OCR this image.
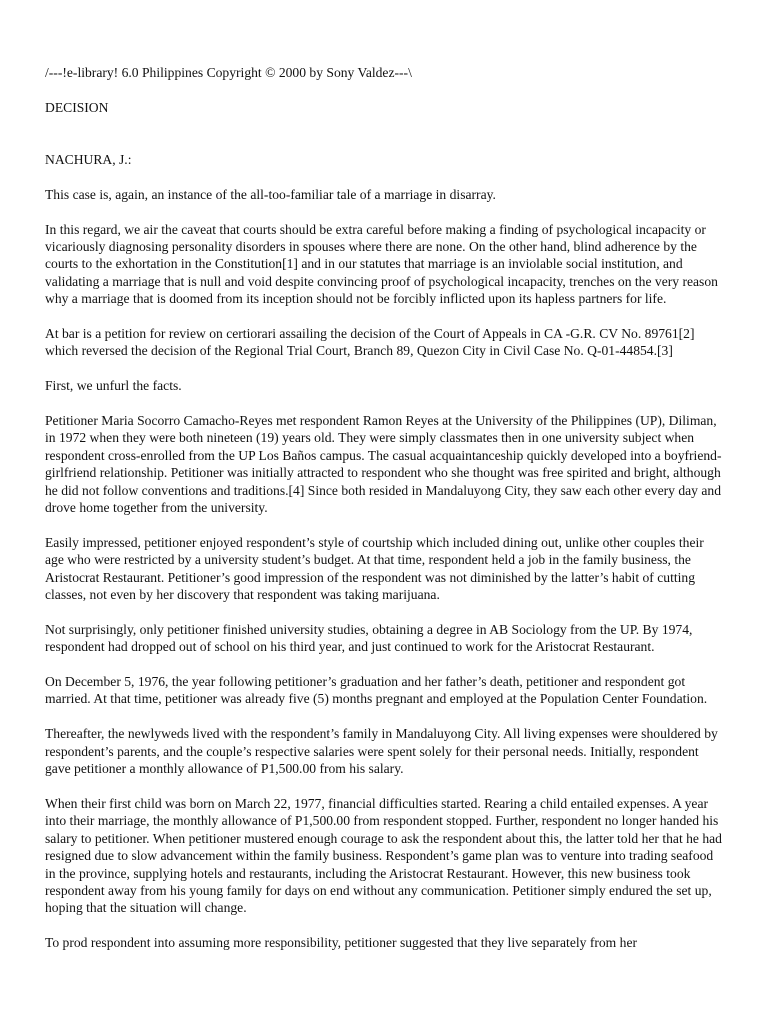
/---!e-library! 6.0 Philippines Copyright © 2000 by Sony Valdez---\
DECISION
NACHURA, J.:

This case is, again, an instance of the all-too-familiar tale of a marriage in disarray.

In this regard, we air the caveat that courts should be extra careful before making a finding of psychological incapacity or vicariously diagnosing personality disorders in spouses where there are none. On the other hand, blind adherence by the courts to the exhortation in the Constitution[1] and in our statutes that marriage is an inviolable social institution, and validating a marriage that is null and void despite convincing proof of psychological incapacity, trenches on the very reason why a marriage that is doomed from its inception should not be forcibly inflicted upon its hapless partners for life.

At bar is a petition for review on certiorari assailing the decision of the Court of Appeals in CA -G.R. CV No. 89761[2] which reversed the decision of the Regional Trial Court, Branch 89, Quezon City in Civil Case No. Q-01-44854.[3]

First, we unfurl the facts.

Petitioner Maria Socorro Camacho-Reyes met respondent Ramon Reyes at the University of the Philippines (UP), Diliman, in 1972 when they were both nineteen (19) years old. They were simply classmates then in one university subject when respondent cross-enrolled from the UP Los Baños campus. The casual acquaintanceship quickly developed into a boyfriend-girlfriend relationship. Petitioner was initially attracted to respondent who she thought was free spirited and bright, although he did not follow conventions and traditions.[4] Since both resided in Mandaluyong City, they saw each other every day and drove home together from the university.

Easily impressed, petitioner enjoyed respondent’s style of courtship which included dining out, unlike other couples their age who were restricted by a university student’s budget. At that time, respondent held a job in the family business, the Aristocrat Restaurant. Petitioner’s good impression of the respondent was not diminished by the latter’s habit of cutting classes, not even by her discovery that respondent was taking marijuana.

Not surprisingly, only petitioner finished university studies, obtaining a degree in AB Sociology from the UP. By 1974, respondent had dropped out of school on his third year, and just continued to work for the Aristocrat Restaurant.

On December 5, 1976, the year following petitioner’s graduation and her father’s death, petitioner and respondent got married. At that time, petitioner was already five (5) months pregnant and employed at the Population Center Foundation.

Thereafter, the newlyweds lived with the respondent’s family in Mandaluyong City. All living expenses were shouldered by respondent’s parents, and the couple’s respective salaries were spent solely for their personal needs. Initially, respondent gave petitioner a monthly allowance of P1,500.00 from his salary.

When their first child was born on March 22, 1977, financial difficulties started. Rearing a child entailed expenses. A year into their marriage, the monthly allowance of P1,500.00 from respondent stopped. Further, respondent no longer handed his salary to petitioner. When petitioner mustered enough courage to ask the respondent about this, the latter told her that he had resigned due to slow advancement within the family business. Respondent’s game plan was to venture into trading seafood in the province, supplying hotels and restaurants, including the Aristocrat Restaurant. However, this new business took respondent away from his young family for days on end without any communication. Petitioner simply endured the set up, hoping that the situation will change.

To prod respondent into assuming more responsibility, petitioner suggested that they live separately from her
